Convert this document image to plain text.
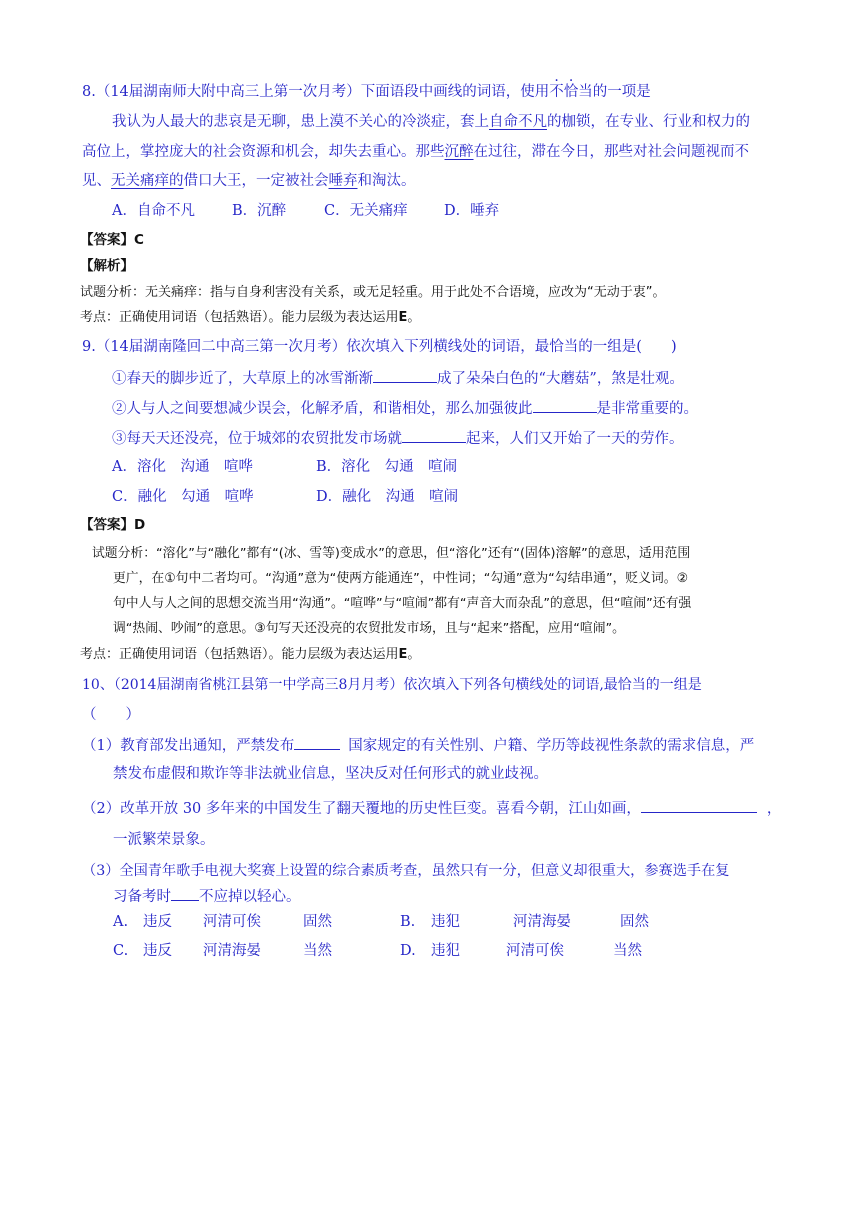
8.（14届湖南师大附中高三上第一次月考）下面语段中画线的词语，使用不恰当的一项是
我认为人最大的悲哀是无聊，患上漠不关心的冷淡症，套上自命不凡的枷锁，在专业、行业和权力的
高位上，掌控庞大的社会资源和机会，却失去重心。那些沉醉在过往，滞在今日，那些对社会问题视而不
见、无关痛痒的借口大王，一定被社会唾弃和淘汰。
A．自命不凡	B．沉醉	C．无关痛痒	D．唾弃
【答案】C
【解析】
试题分析：无关痛痒：指与自身利害没有关系，或无足轻重。用于此处不合语境，应改为“无动于衷”。
考点：正确使用词语（包括熟语）。能力层级为表达运用E。
9.（14届湖南隆回二中高三第一次月考）依次填入下列横线处的词语，最恰当的一组是(　　)
①春天的脚步近了，大草原上的冰雪渐渐	成了朵朵白色的“大蘑菇”，煞是壮观。
②人与人之间要想减少误会，化解矛盾，和谐相处，那么加强彼此	是非常重要的。
③每天天还没亮，位于城郊的农贸批发市场就	起来，人们又开始了一天的劳作。
A．溶化　沟通　喧哗	B．溶化　勾通　喧闹
C．融化　勾通　喧哗	D．融化　沟通　喧闹
【答案】D
试题分析：“溶化”与“融化”都有“(冰、雪等)变成水”的意思，但“溶化”还有“(固体)溶解”的意思，适用范围
更广，在①句中二者均可。“沟通”意为“使两方能通连”，中性词；“勾通”意为“勾结串通”，贬义词。②
句中人与人之间的思想交流当用“沟通”。“喧哗”与“喧闹”都有“声音大而杂乱”的意思，但“喧闹”还有强
调“热闹、吵闹”的意思。③句写天还没亮的农贸批发市场，且与“起来”搭配，应用“喧闹”。
考点：正确使用词语（包括熟语）。能力层级为表达运用E。
10、（2014届湖南省桃江县第一中学高三8月月考）依次填入下列各句横线处的词语,最恰当的一组是
（　　）
（1）教育部发出通知，严禁发布	国家规定的有关性别、户籍、学历等歧视性条款的需求信息，严
禁发布虚假和欺诈等非法就业信息，坚决反对任何形式的就业歧视。
（2）改革开放 30 多年来的中国发生了翻天覆地的历史性巨变。喜看今朝，江山如画，	，
一派繁荣景象。
（3）全国青年歌手电视大奖赛上设置的综合素质考查，虽然只有一分，但意义却很重大，参赛选手在复
习备考时 不应掉以轻心。
A. 违反 河清可俟	固然	B. 违犯	河清海晏	固然
C. 违反 河清海晏	当然	D. 违犯	河清可俟	当然
